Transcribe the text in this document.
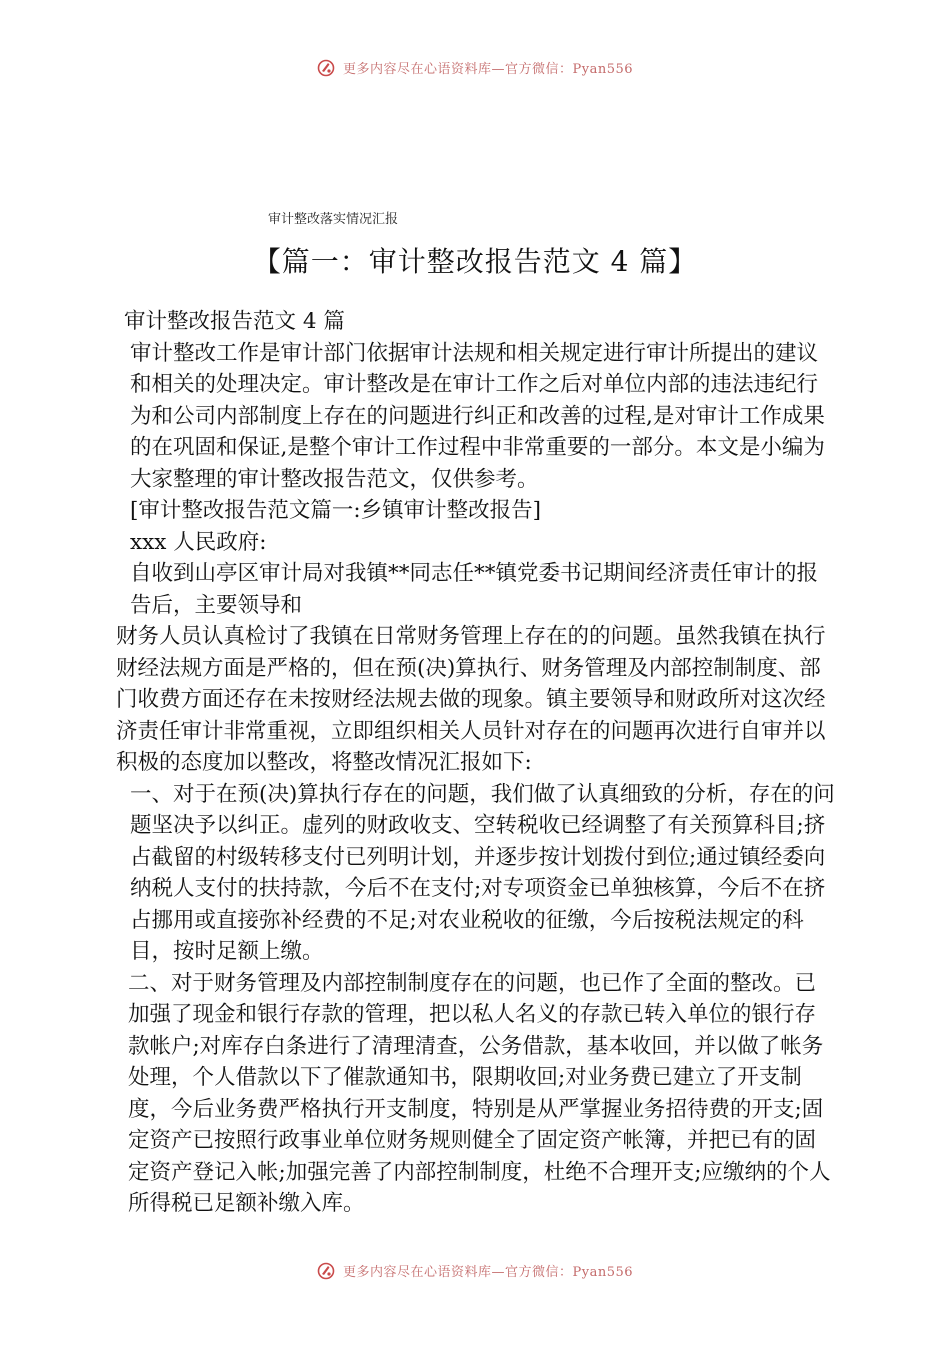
更多内容尽在心语资料库—官方微信：Pyan556
审计整改落实情况汇报
【篇一：审计整改报告范文 4 篇】

审计整改报告范文 4 篇

审计整改工作是审计部门依据审计法规和相关规定进行审计所提出的建议和相关的处理决定。审计整改是在审计工作之后对单位内部的违法违纪行为和公司内部制度上存在的问题进行纠正和改善的过程,是对审计工作成果的在巩固和保证,是整个审计工作过程中非常重要的一部分。本文是小编为大家整理的审计整改报告范文，仅供参考。

[审计整改报告范文篇一:乡镇审计整改报告]

xxx 人民政府:

自收到山亭区审计局对我镇**同志任**镇党委书记期间经济责任审计的报告后，主要领导和

财务人员认真检讨了我镇在日常财务管理上存在的的问题。虽然我镇在执行财经法规方面是严格的，但在预(决)算执行、财务管理及内部控制制度、部门收费方面还存在未按财经法规去做的现象。镇主要领导和财政所对这次经济责任审计非常重视，立即组织相关人员针对存在的问题再次进行自审并以积极的态度加以整改，将整改情况汇报如下:

一、对于在预(决)算执行存在的问题，我们做了认真细致的分析，存在的问题坚决予以纠正。虚列的财政收支、空转税收已经调整了有关预算科目;挤占截留的村级转移支付已列明计划，并逐步按计划拨付到位;通过镇经委向纳税人支付的扶持款，今后不在支付;对专项资金已单独核算，今后不在挤占挪用或直接弥补经费的不足;对农业税收的征缴，今后按税法规定的科目，按时足额上缴。

二、对于财务管理及内部控制制度存在的问题，也已作了全面的整改。已加强了现金和银行存款的管理，把以私人名义的存款已转入单位的银行存款帐户;对库存白条进行了清理清查，公务借款，基本收回，并以做了帐务处理，个人借款以下了催款通知书，限期收回;对业务费已建立了开支制度，今后业务费严格执行开支制度，特别是从严掌握业务招待费的开支;固定资产已按照行政事业单位财务规则健全了固定资产帐簿，并把已有的固定资产登记入帐;加强完善了内部控制制度，杜绝不合理开支;应缴纳的个人所得税已足额补缴入库。

更多内容尽在心语资料库—官方微信：Pyan556
